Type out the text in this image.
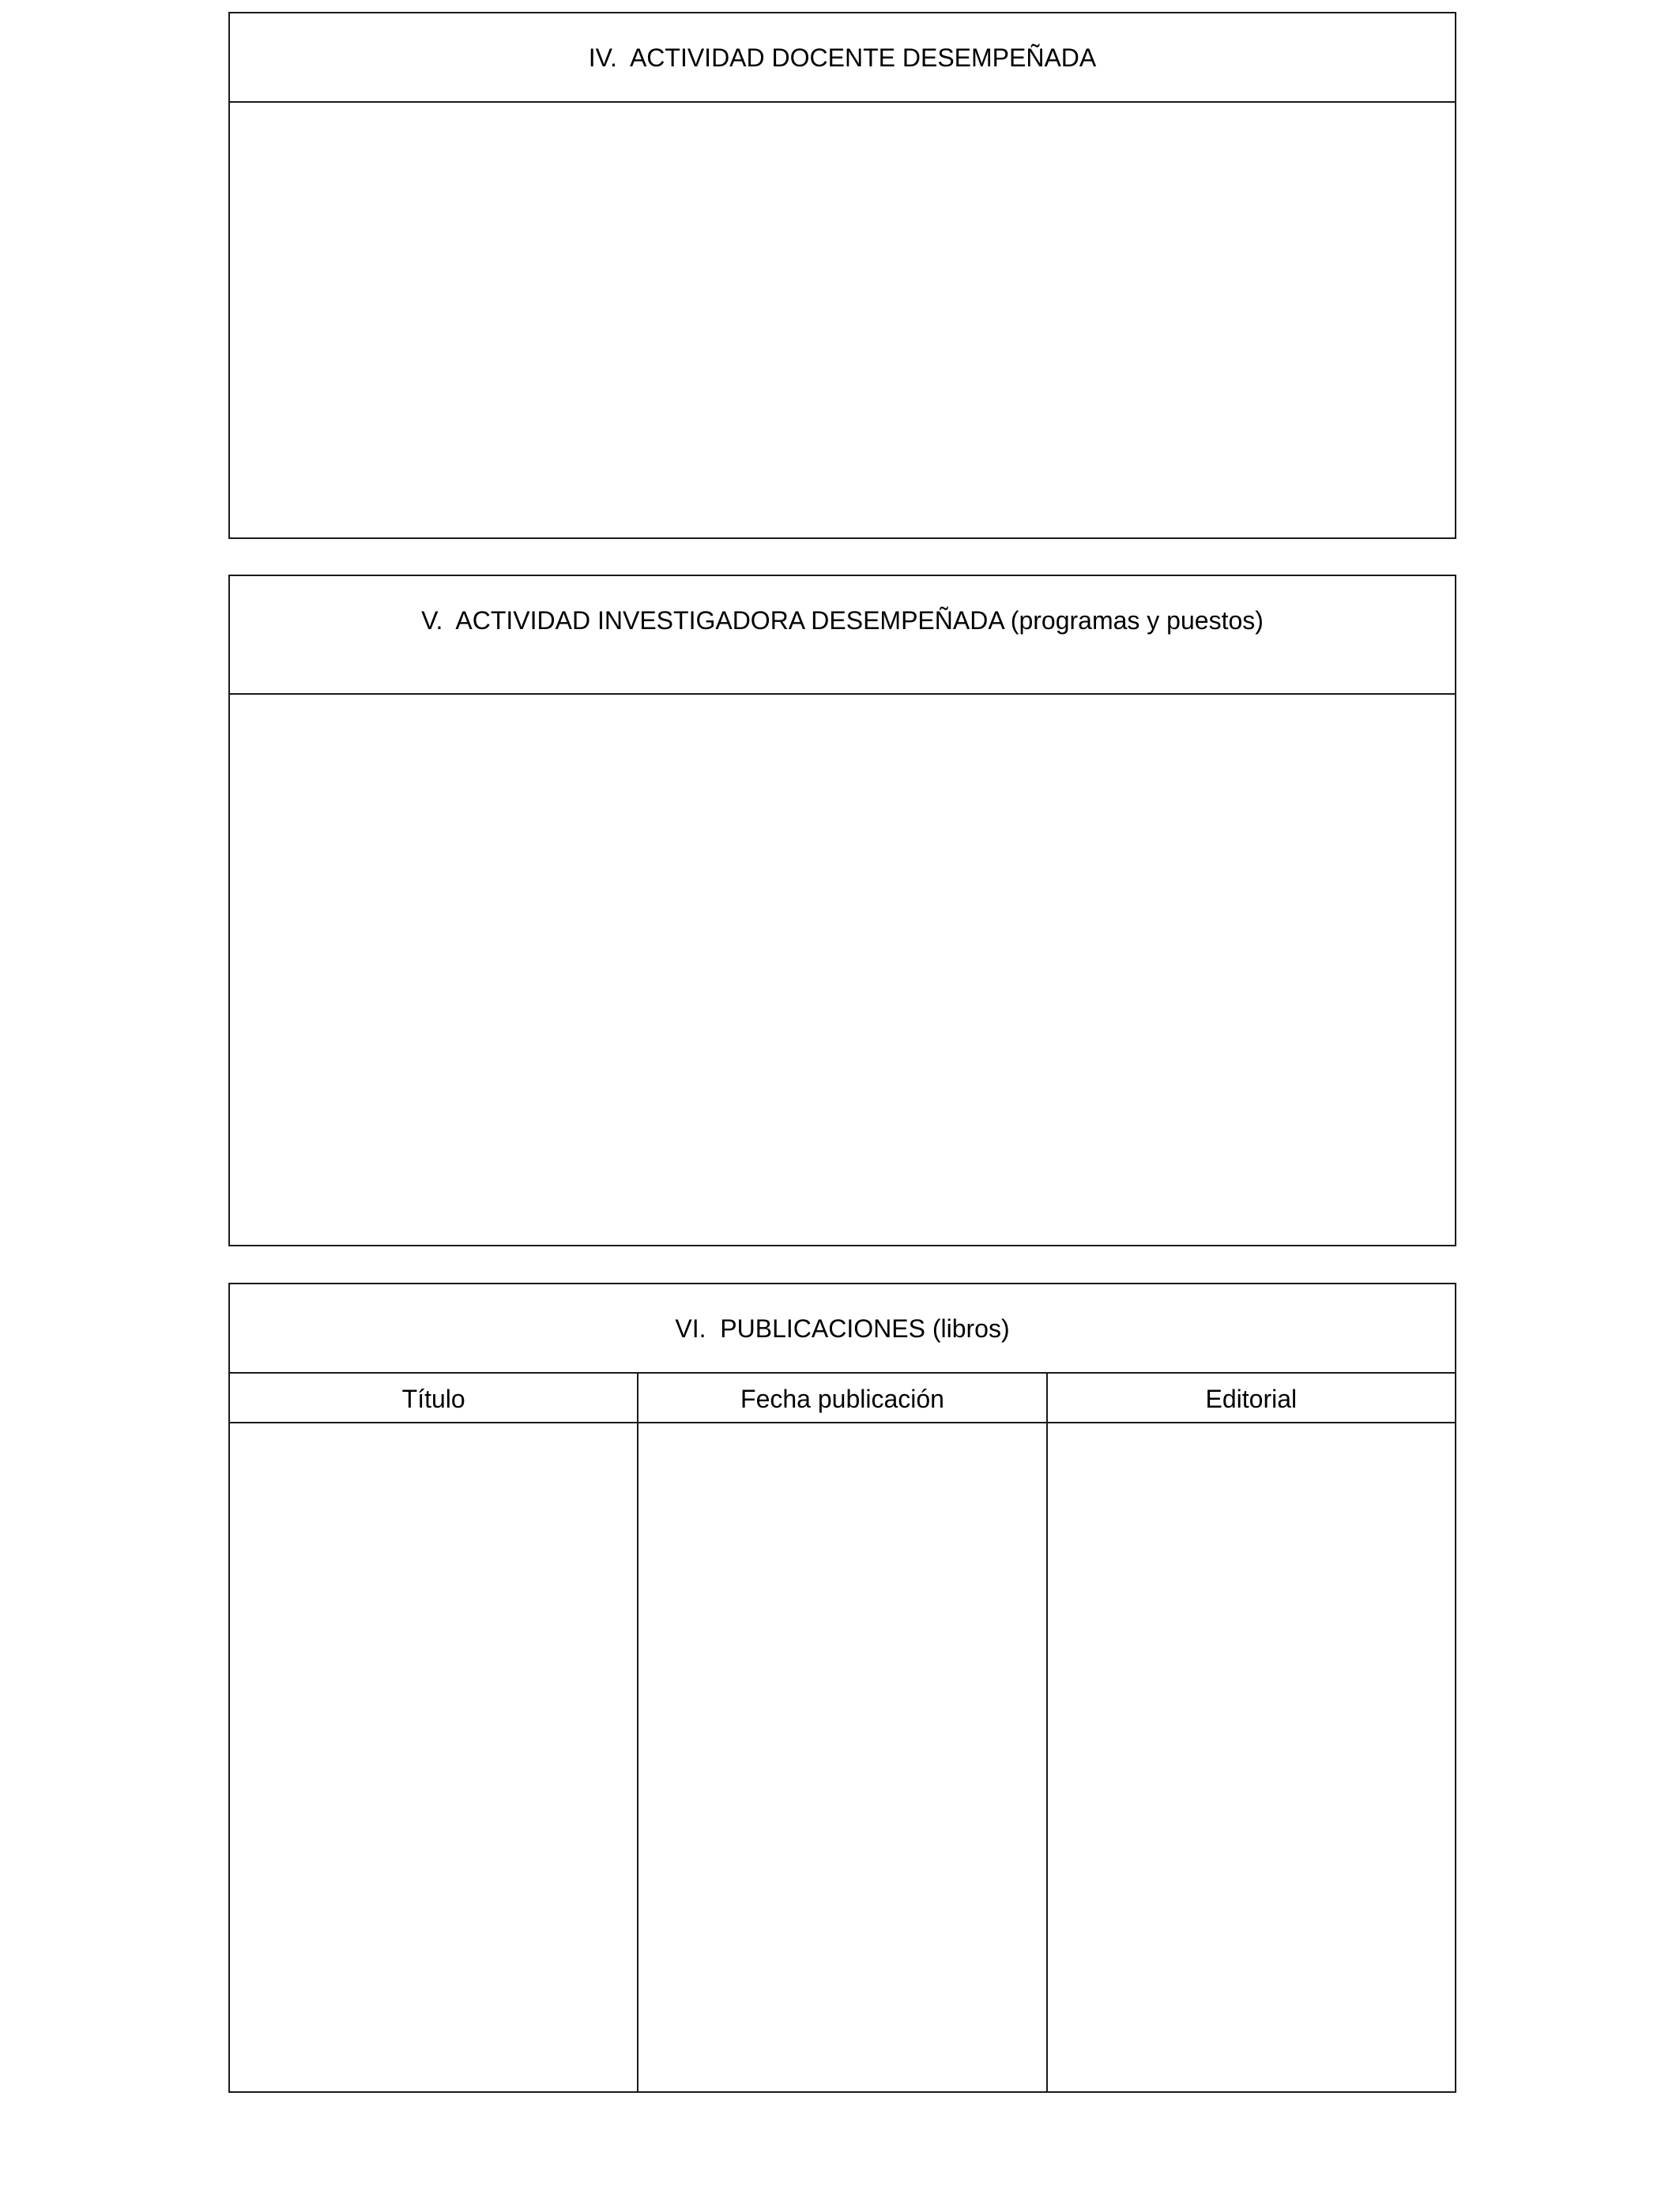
IV.  ACTIVIDAD DOCENTE DESEMPEÑADA
V.  ACTIVIDAD INVESTIGADORA DESEMPEÑADA (programas y puestos)
VI.  PUBLICACIONES (libros)
Título	Fecha publicación	Editorial
